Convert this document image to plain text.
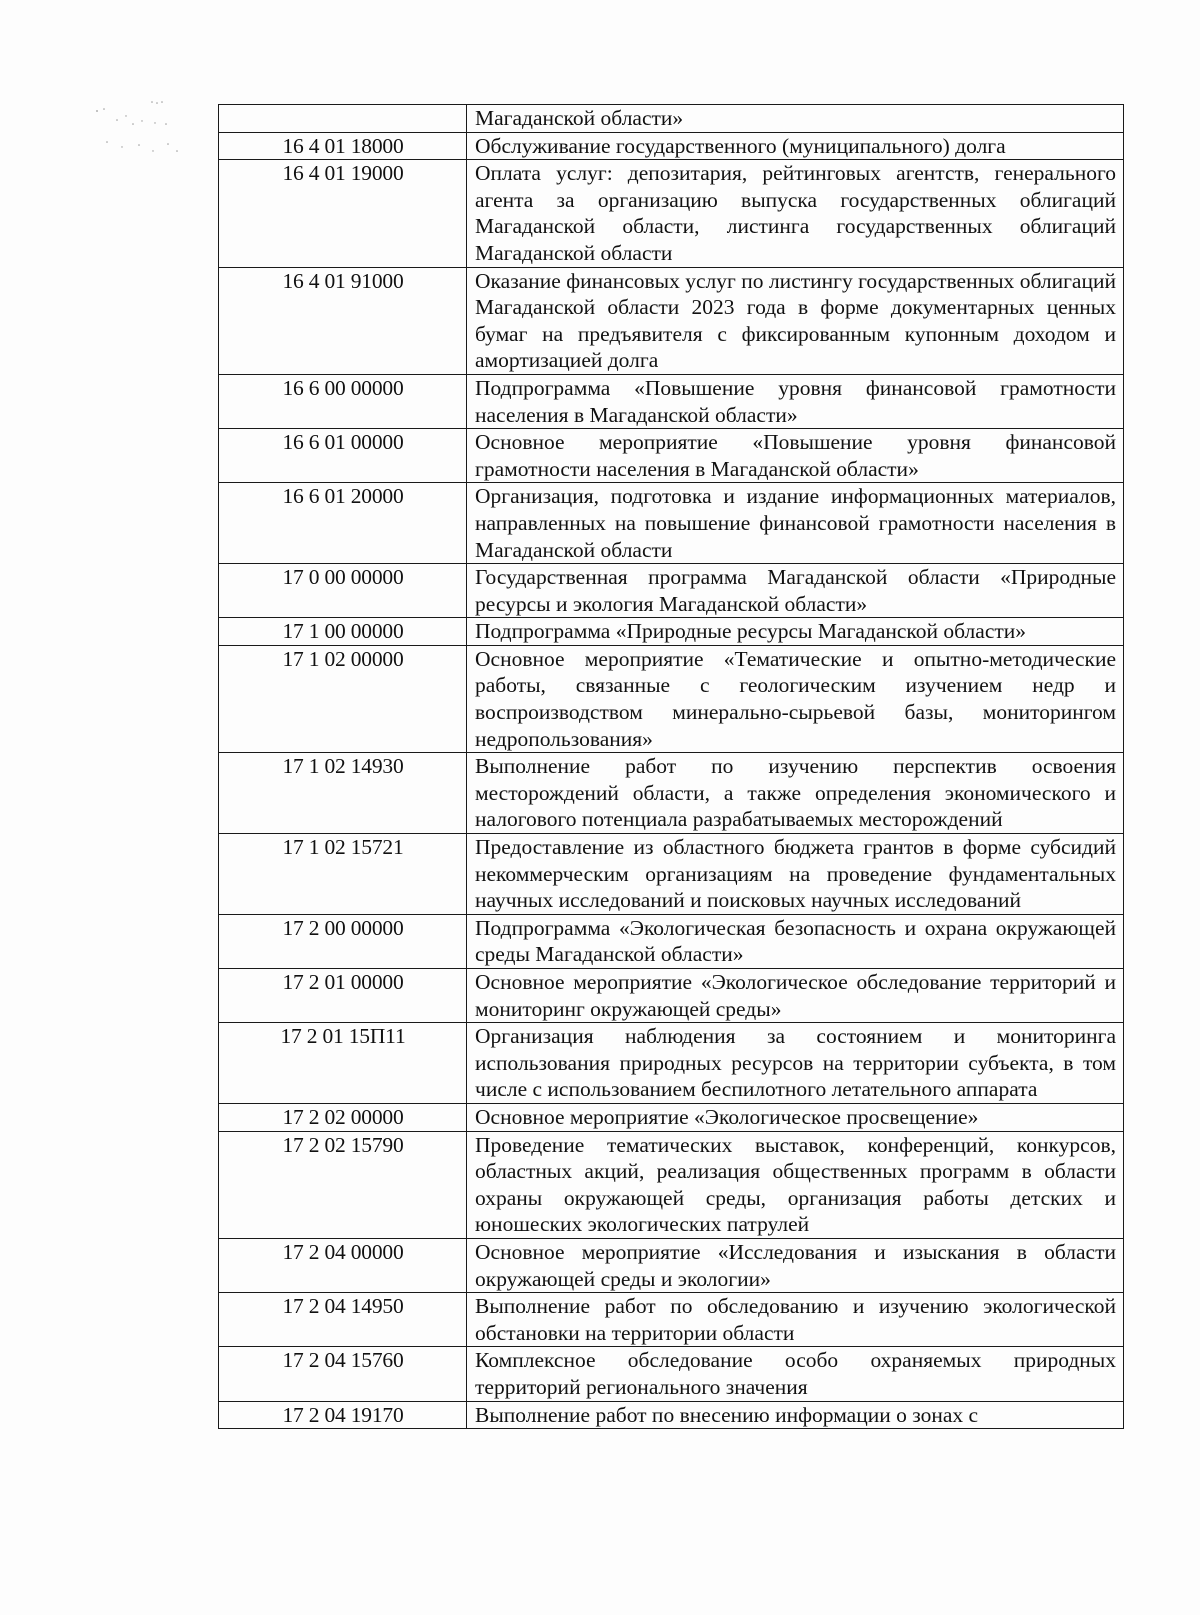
	Магаданской области»
16 4 01 18000	Обслуживание государственного (муниципального) долга
16 4 01 19000	Оплата услуг: депозитария, рейтинговых агентств, генерального агента за организацию выпуска государственных облигаций Магаданской области, листинга государственных облигаций Магаданской области
16 4 01 91000	Оказание финансовых услуг по листингу государственных облигаций Магаданской области 2023 года в форме документарных ценных бумаг на предъявителя с фиксированным купонным доходом и амортизацией долга
16 6 00 00000	Подпрограмма «Повышение уровня финансовой грамотности населения в Магаданской области»
16 6 01 00000	Основное мероприятие «Повышение уровня финансовой грамотности населения в Магаданской области»
16 6 01 20000	Организация, подготовка и издание информационных материалов, направленных на повышение финансовой грамотности населения в Магаданской области
17 0 00 00000	Государственная программа Магаданской области «Природные ресурсы и экология Магаданской области»
17 1 00 00000	Подпрограмма «Природные ресурсы Магаданской области»
17 1 02 00000	Основное мероприятие «Тематические и опытно-методические работы, связанные с геологическим изучением недр и воспроизводством минерально-сырьевой базы, мониторингом недропользования»
17 1 02 14930	Выполнение работ по изучению перспектив освоения месторождений области, а также определения экономического и налогового потенциала разрабатываемых месторождений
17 1 02 15721	Предоставление из областного бюджета грантов в форме субсидий некоммерческим организациям на проведение фундаментальных научных исследований и поисковых научных исследований
17 2 00 00000	Подпрограмма «Экологическая безопасность и охрана окружающей среды Магаданской области»
17 2 01 00000	Основное мероприятие «Экологическое обследование территорий и мониторинг окружающей среды»
17 2 01 15П11	Организация наблюдения за состоянием и мониторинга использования природных ресурсов на территории субъекта, в том числе с использованием беспилотного летательного аппарата
17 2 02 00000	Основное мероприятие «Экологическое просвещение»
17 2 02 15790	Проведение тематических выставок, конференций, конкурсов, областных акций, реализация общественных программ в области охраны окружающей среды, организация работы детских и юношеских экологических патрулей
17 2 04 00000	Основное мероприятие «Исследования и изыскания в области окружающей среды и экологии»
17 2 04 14950	Выполнение работ по обследованию и изучению экологической обстановки на территории области
17 2 04 15760	Комплексное обследование особо охраняемых природных территорий регионального значения
17 2 04 19170	Выполнение работ по внесению информации о зонах с
